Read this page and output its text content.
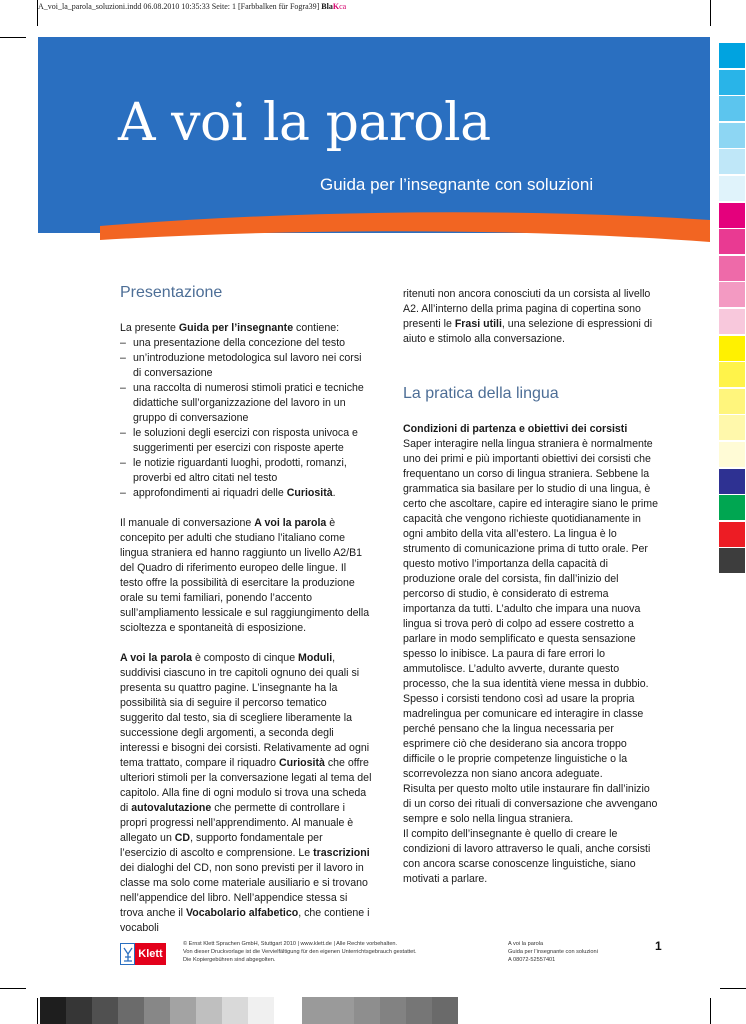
A_voi_la_parola_soluzioni.indd 06.08.2010 10:35:33 Seite: 1 [Farbbalken für Fogra39] BlaKca
A voi la parola
Guida per l’insegnante con soluzioni
Presentazione

La presente Guida per l’insegnante contiene:

– una presentazione della concezione del testo
– un’introduzione metodologica sul lavoro nei corsi di conversazione
– una raccolta di numerosi stimoli pratici e tecniche didattiche sull’organizzazione del lavoro in un gruppo di conversazione
– le soluzioni degli esercizi con risposta univoca e suggerimenti per esercizi con risposte aperte
– le notizie riguardanti luoghi, prodotti, romanzi, proverbi ed altro citati nel testo
– approfondimenti ai riquadri delle Curiosità.

Il manuale di conversazione A voi la parola è concepito per adulti che studiano l’italiano come lingua straniera ed hanno raggiunto un livello A2/B1 del Quadro di riferimento europeo delle lingue. Il testo offre la possibilità di esercitare la produzione orale su temi familiari, ponendo l’accento sull’ampliamento lessicale e sul raggiungimento della scioltezza e spontaneità di esposizione.

A voi la parola è composto di cinque Moduli, suddivisi ciascuno in tre capitoli ognuno dei quali si presenta su quattro pagine. L’insegnante ha la possibilità sia di seguire il percorso tematico suggerito dal testo, sia di scegliere liberamente la successione degli argomenti, a seconda degli interessi e bisogni dei corsisti. Relativamente ad ogni tema trattato, compare il riquadro Curiosità che offre ulteriori stimoli per la conversazione legati al tema del capitolo. Alla fine di ogni modulo si trova una scheda di autovalutazione che permette di controllare i propri progressi nell’apprendimento. Al manuale è allegato un CD, supporto fondamentale per l’esercizio di ascolto e comprensione. Le trascrizioni dei dialoghi del CD, non sono previsti per il lavoro in classe ma solo come materiale ausiliario e si trovano nell’appendice del libro. Nell’appendice stessa si trova anche il Vocabolario alfabetico, che contiene i vocaboli

ritenuti non ancora conosciuti da un corsista al livello A2. All’interno della prima pagina di copertina sono presenti le Frasi utili, una selezione di espressioni di aiuto e stimolo alla conversazione.

La pratica della lingua
Condizioni di partenza e obiettivi dei corsisti

Saper interagire nella lingua straniera è normalmente uno dei primi e più importanti obiettivi dei corsisti che frequentano un corso di lingua straniera. Sebbene la grammatica sia basilare per lo studio di una lingua, è certo che ascoltare, capire ed interagire siano le prime capacità che vengono richieste quotidianamente in ogni ambito della vita all’estero. La lingua è lo strumento di comunicazione prima di tutto orale. Per questo motivo l’importanza della capacità di produzione orale del corsista, fin dall’inizio del percorso di studio, è considerato di estrema importanza da tutti. L’adulto che impara una nuova lingua si trova però di colpo ad essere costretto a parlare in modo semplificato e questa sensazione spesso lo inibisce. La paura di fare errori lo ammutolisce. L’adulto avverte, durante questo processo, che la sua identità viene messa in dubbio. Spesso i corsisti tendono così ad usare la propria madrelingua per comunicare ed interagire in classe perché pensano che la lingua necessaria per esprimere ciò che desiderano sia ancora troppo difficile o le proprie competenze linguistiche o la scorrevolezza non siano ancora adeguate.

Risulta per questo molto utile instaurare fin dall’inizio di un corso dei rituali di conversazione che avvengano sempre e solo nella lingua straniera.

Il compito dell’insegnante è quello di creare le condizioni di lavoro attraverso le quali, anche corsisti con ancora scarse conoscenze linguistiche, siano motivati a parlare.

Klett
© Ernst Klett Sprachen GmbH, Stuttgart 2010 | www.klett.de | Alle Rechte vorbehalten.
Von dieser Druckvorlage ist die Vervielfältigung für den eigenen Unterrichtsgebrauch gestattet.
Die Kopiergebühren sind abgegolten.
A voi la parola
Guida per l’insegnante con soluzioni
A 08072-52557401
1
